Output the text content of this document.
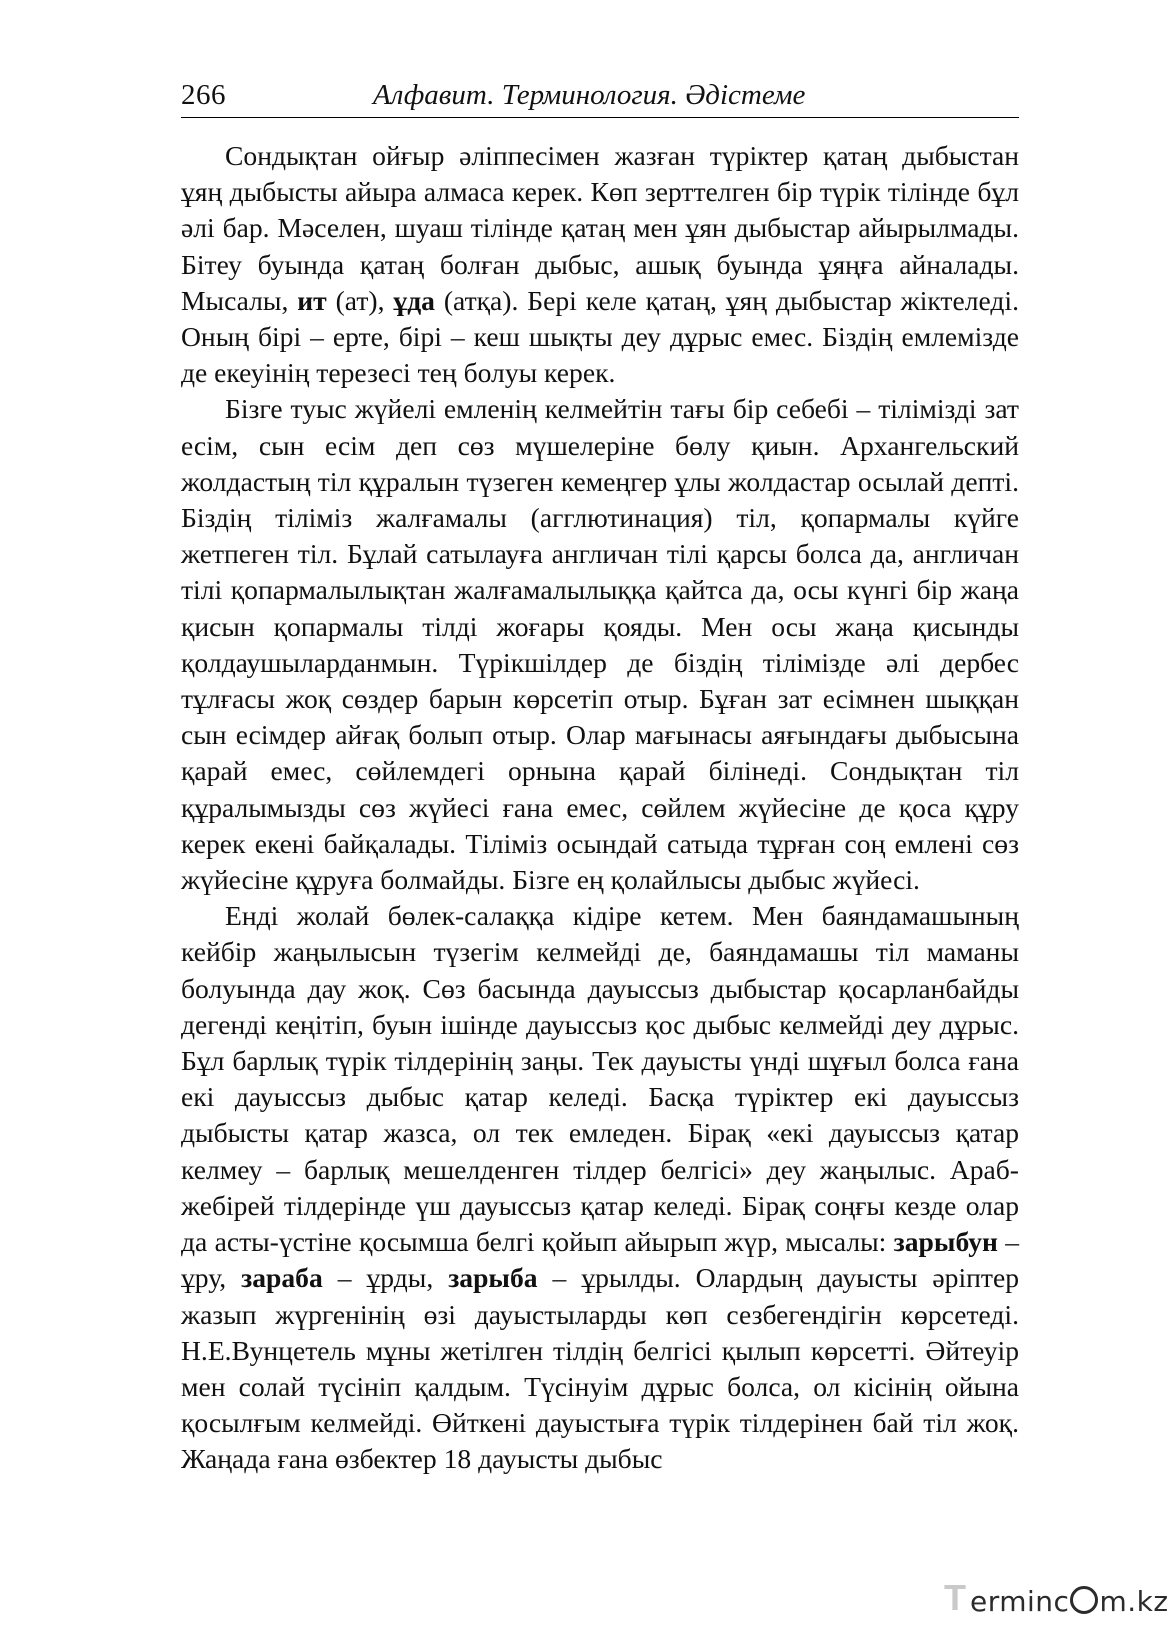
266	Алфавит. Терминология. Әдістеме

Сондықтан ойғыр әліппесімен жазған түріктер қатаң дыбыстан ұяң дыбысты айыра алмаса керек. Көп зерттелген бір түрік тілінде бұл әлі бар. Мәселен, шуаш тілінде қатаң мен ұян дыбыстар айырылмады. Бітеу буында қатаң болған дыбыс, ашық буында ұяңға айналады. Мысалы, ит (ат), ұда (атқа). Бері келе қатаң, ұяң дыбыстар жіктеледі. Оның бірі – ерте, бірі – кеш шықты деу дұрыс емес. Біздің емлемізде де екеуінің терезесі тең болуы керек.

Бізге туыс жүйелі емленің келмейтін тағы бір себебі – тілімізді зат есім, сын есім деп сөз мүшелеріне бөлу қиын. Архангельский жолдастың тіл құралын түзеген кемеңгер ұлы жолдастар осылай депті. Біздің тіліміз жалғамалы (агглютинация) тіл, қопармалы күйге жетпеген тіл. Бұлай сатылауға англичан тілі қарсы болса да, англичан тілі қопармалылықтан жалғамалылыққа қайтса да, осы күнгі бір жаңа қисын қопармалы тілді жоғары қояды. Мен осы жаңа қисынды қолдаушыларданмын. Түрікшілдер де біздің тілімізде әлі дербес тұлғасы жоқ сөздер барын көрсетіп отыр. Бұған зат есімнен шыққан сын есімдер айғақ болып отыр. Олар мағынасы аяғындағы дыбысына қарай емес, сөйлемдегі орнына қарай білінеді. Сондықтан тіл құралымызды сөз жүйесі ғана емес, сөйлем жүйесіне де қоса құру керек екені байқалады. Тіліміз осындай сатыда тұрған соң емлені сөз жүйесіне құруға болмайды. Бізге ең қолайлысы дыбыс жүйесі.

Енді жолай бөлек-салаққа кідіре кетем. Мен баяндамашының кейбір жаңылысын түзегім келмейді де, баяндамашы тіл маманы болуында дау жоқ. Сөз басында дауыссыз дыбыстар қосарланбайды дегенді кеңітіп, буын ішінде дауыссыз қос дыбыс келмейді деу дұрыс. Бұл барлық түрік тілдерінің заңы. Тек дауысты үнді шұғыл болса ғана екі дауыссыз дыбыс қатар келеді. Басқа түріктер екі дауыссыз дыбысты қатар жазса, ол тек емледен. Бірақ «екі дауыссыз қатар келмеу – барлық мешелденген тілдер белгісі» деу жаңылыс. Араб-жебірей тілдерінде үш дауыссыз қатар келеді. Бірақ соңғы кезде олар да асты-үстіне қосымша белгі қойып айырып жүр, мысалы: зарыбун – ұру, зараба – ұрды, зарыба – ұрылды. Олардың дауысты әріптер жазып жүргенінің өзі дауыстыларды көп сезбегендігін көрсетеді. Н.Е.Вунцетель мұны жетілген тілдің белгісі қылып көрсетті. Әйтеуір мен солай түсініп қалдым. Түсінуім дұрыс болса, ол кісінің ойына қосылғым келмейді. Өйткені дауыстыға түрік тілдерінен бай тіл жоқ. Жаңада ғана өзбектер 18 дауысты дыбыс

T erminc m.kz
